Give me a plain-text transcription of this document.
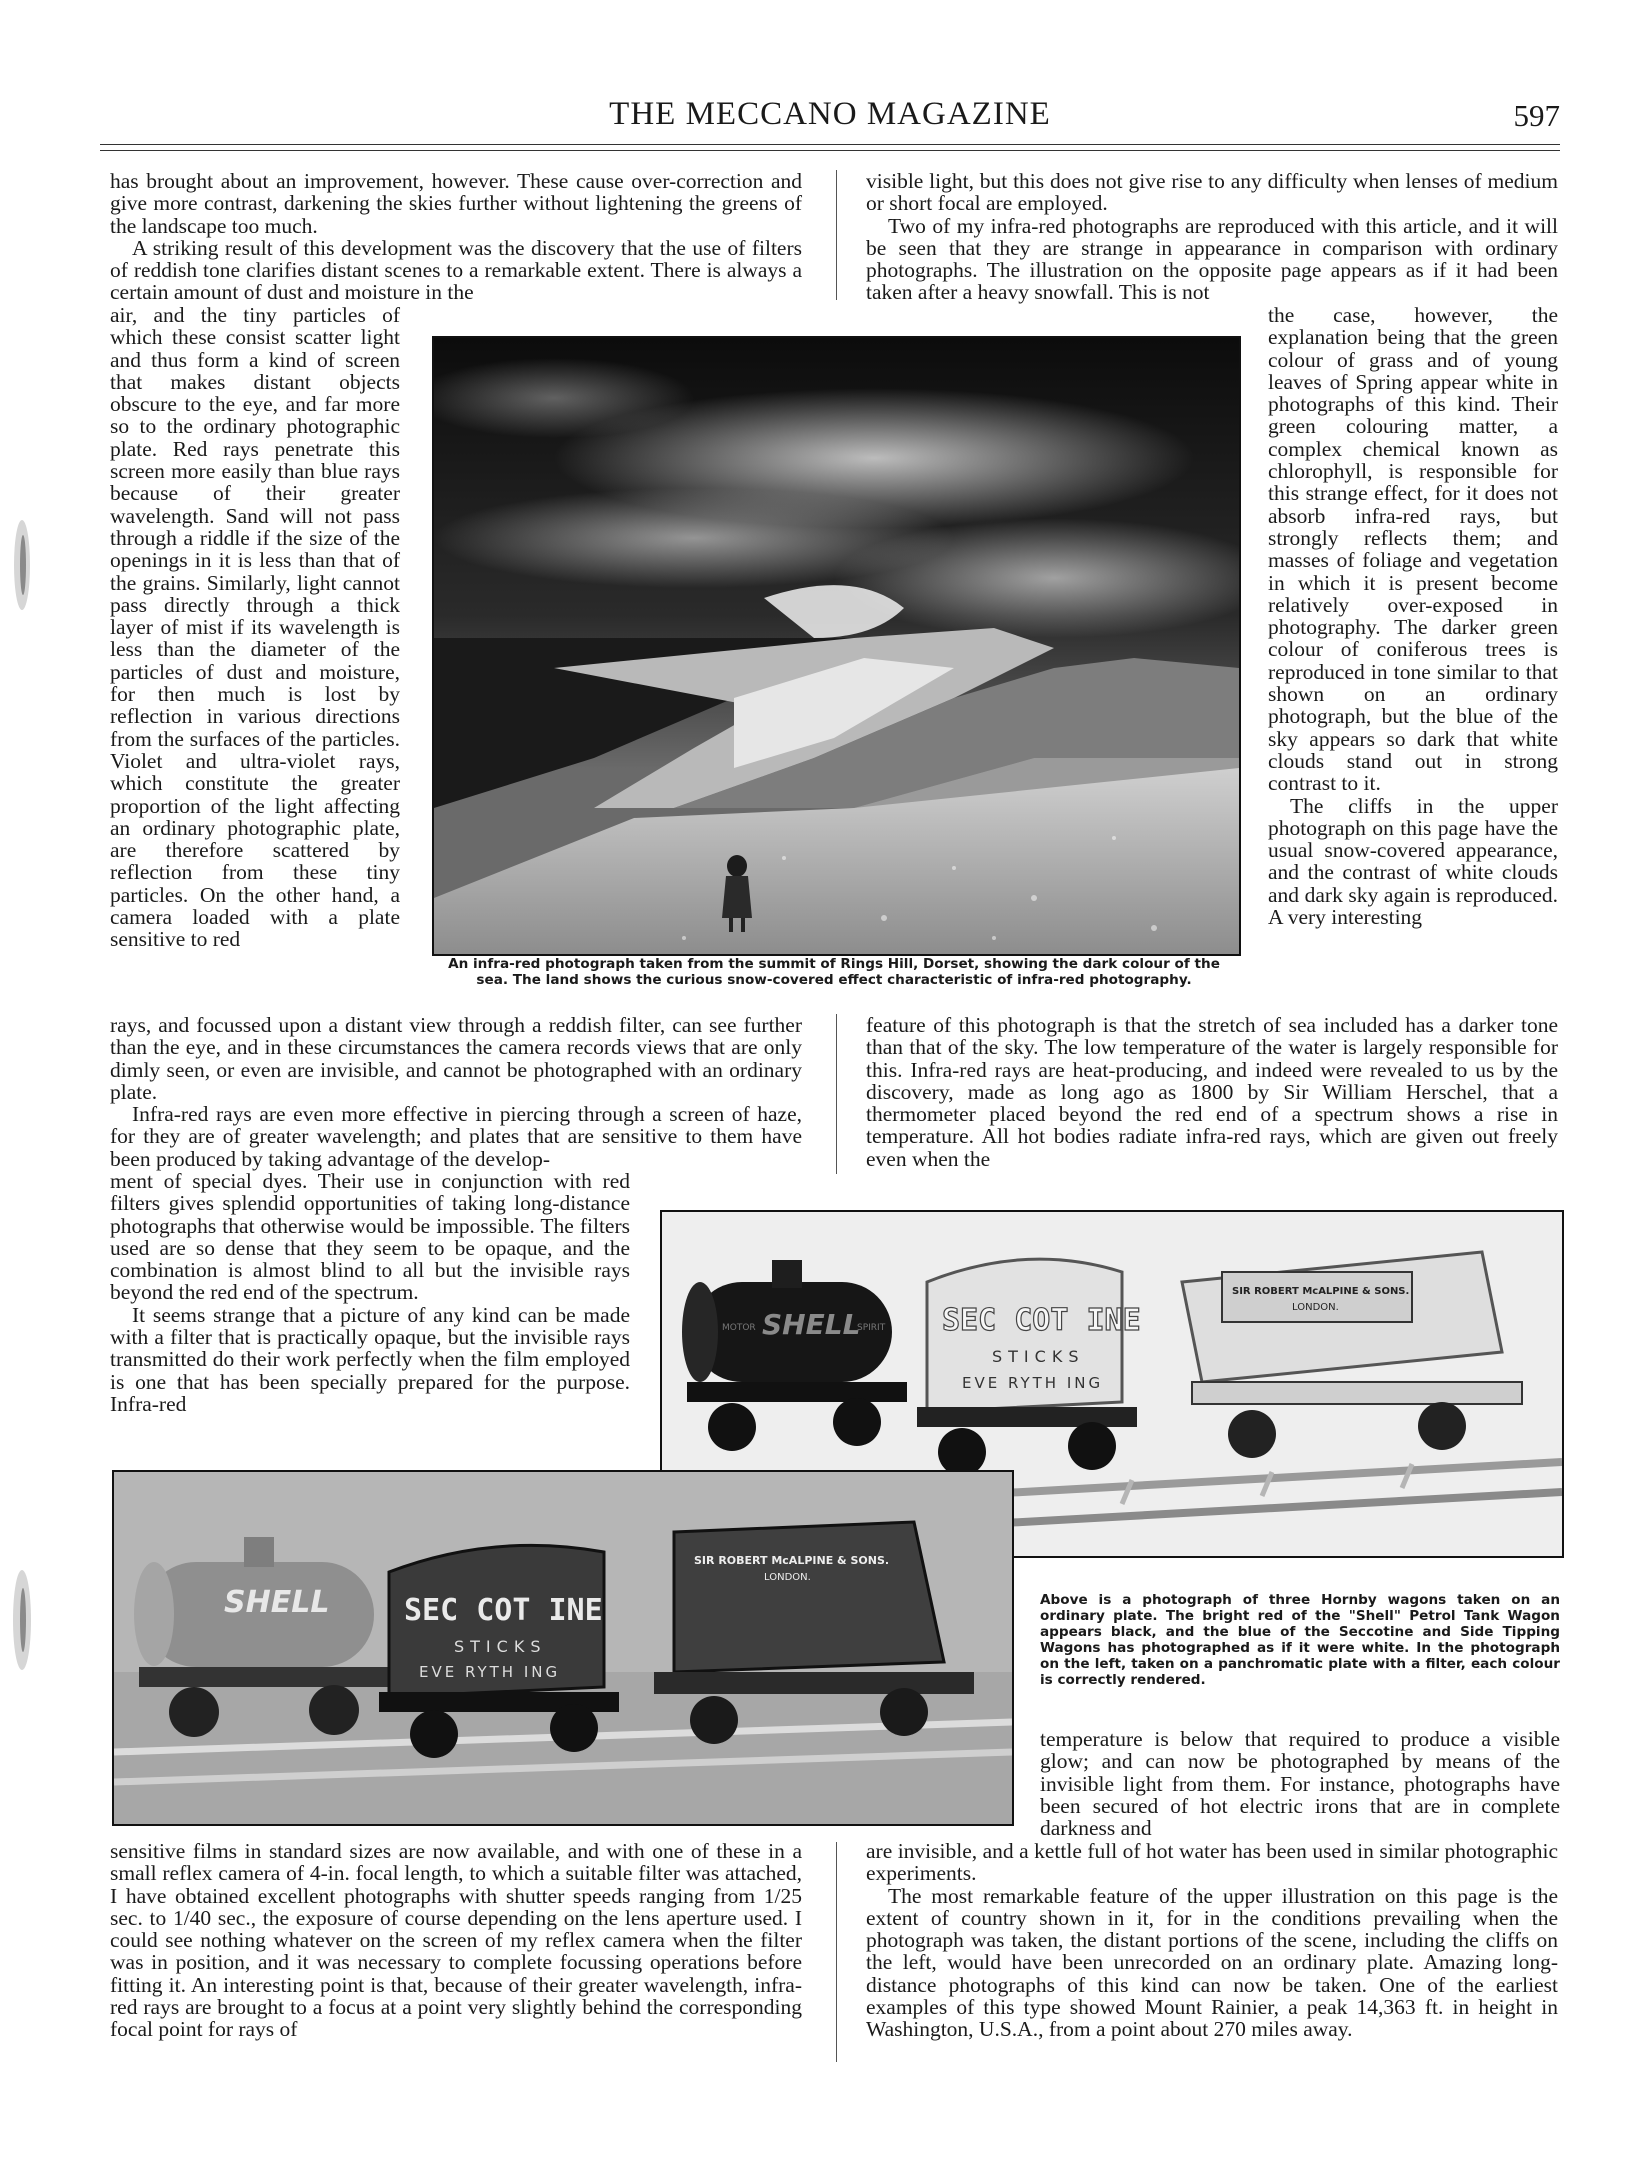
THE MECCANO MAGAZINE	597

has brought about an improvement, however. These cause over-correction and give more contrast, darkening the skies further without lightening the greens of the landscape too much.

A striking result of this development was the discovery that the use of filters of reddish tone clarifies distant scenes to a remarkable extent. There is always a certain amount of dust and moisture in the

visible light, but this does not give rise to any difficulty when lenses of medium or short focal are employed.

Two of my infra-red photographs are reproduced with this article, and it will be seen that they are strange in appearance in comparison with ordinary photographs. The illustration on the opposite page appears as if it had been taken after a heavy snowfall. This is not

air, and the tiny particles of which these consist scatter light and thus form a kind of screen that makes distant objects obscure to the eye, and far more so to the ordinary photographic plate. Red rays penetrate this screen more easily than blue rays because of their greater wavelength. Sand will not pass through a riddle if the size of the openings in it is less than that of the grains. Similarly, light cannot pass directly through a thick layer of mist if its wavelength is less than the diameter of the particles of dust and moisture, for then much is lost by reflection in various directions from the surfaces of the particles. Violet and ultra-violet rays, which constitute the greater proportion of the light affecting an ordinary photographic plate, are therefore scattered by reflection from these tiny particles. On the other hand, a camera loaded with a plate sensitive to red

An infra-red photograph taken from the summit of Rings Hill, Dorset, showing the dark colour of the sea. The land shows the curious snow-covered effect characteristic of infra-red photography.

the case, however, the explanation being that the green colour of grass and of young leaves of Spring appear white in photographs of this kind. Their green colouring matter, a complex chemical known as chlorophyll, is responsible for this strange effect, for it does not absorb infra-red rays, but strongly reflects them; and masses of foliage and vegetation in which it is present become relatively over-exposed in photography. The darker green colour of coniferous trees is reproduced in tone similar to that shown on an ordinary photograph, but the blue of the sky appears so dark that white clouds stand out in strong contrast to it.

The cliffs in the upper photograph on this page have the usual snow-covered appearance, and the contrast of white clouds and dark sky again is reproduced. A very interesting

rays, and focussed upon a distant view through a reddish filter, can see further than the eye, and in these circumstances the camera records views that are only dimly seen, or even are invisible, and cannot be photographed with an ordinary plate.

Infra-red rays are even more effective in piercing through a screen of haze, for they are of greater wavelength; and plates that are sensitive to them have been produced by taking advantage of the develop-

feature of this photograph is that the stretch of sea included has a darker tone than that of the sky. The low temperature of the water is largely responsible for this. Infra-red rays are heat-producing, and indeed were revealed to us by the discovery, made as long ago as 1800 by Sir William Herschel, that a thermometer placed beyond the red end of a spectrum shows a rise in temperature. All hot bodies radiate infra-red rays, which are given out freely even when the

ment of special dyes. Their use in conjunction with red filters gives splendid opportunities of taking long-distance photographs that otherwise would be impossible. The filters used are so dense that they seem to be opaque, and the combination is almost blind to all but the invisible rays beyond the red end of the spectrum.

It seems strange that a picture of any kind can be made with a filter that is practically opaque, but the invisible rays transmitted do their work perfectly when the film employed is one that has been specially prepared for the purpose. Infra-red

SHELL
MOTOR	SPIRIT SEC COT INE
STICKS
EVE RYTH ING
SIR ROBERT McALPINE & SONS.
LONDON.
SHELL SEC COT INE
STICKS
EVE RYTH ING
SIR ROBERT McALPINE & SONS.
LONDON.
Above is a photograph of three Hornby wagons taken on an ordinary plate. The bright red of the "Shell" Petrol Tank Wagon appears black, and the blue of the Seccotine and Side Tipping Wagons has photographed as if it were white. In the photograph on the left, taken on a panchromatic plate with a filter, each colour is correctly rendered.

temperature is below that required to produce a visible glow; and can now be photographed by means of the invisible light from them. For instance, photographs have been secured of hot electric irons that are in complete darkness and

sensitive films in standard sizes are now available, and with one of these in a small reflex camera of 4-in. focal length, to which a suitable filter was attached, I have obtained excellent photographs with shutter speeds ranging from 1/25 sec. to 1/40 sec., the exposure of course depending on the lens aperture used. I could see nothing whatever on the screen of my reflex camera when the filter was in position, and it was necessary to complete focussing operations before fitting it. An interesting point is that, because of their greater wavelength, infra-red rays are brought to a focus at a point very slightly behind the corresponding focal point for rays of

are invisible, and a kettle full of hot water has been used in similar photographic experiments.

The most remarkable feature of the upper illustration on this page is the extent of country shown in it, for in the conditions prevailing when the photograph was taken, the distant portions of the scene, including the cliffs on the left, would have been unrecorded on an ordinary plate. Amazing long-distance photographs of this kind can now be taken. One of the earliest examples of this type showed Mount Rainier, a peak 14,363 ft. in height in Washington, U.S.A., from a point about 270 miles away.
